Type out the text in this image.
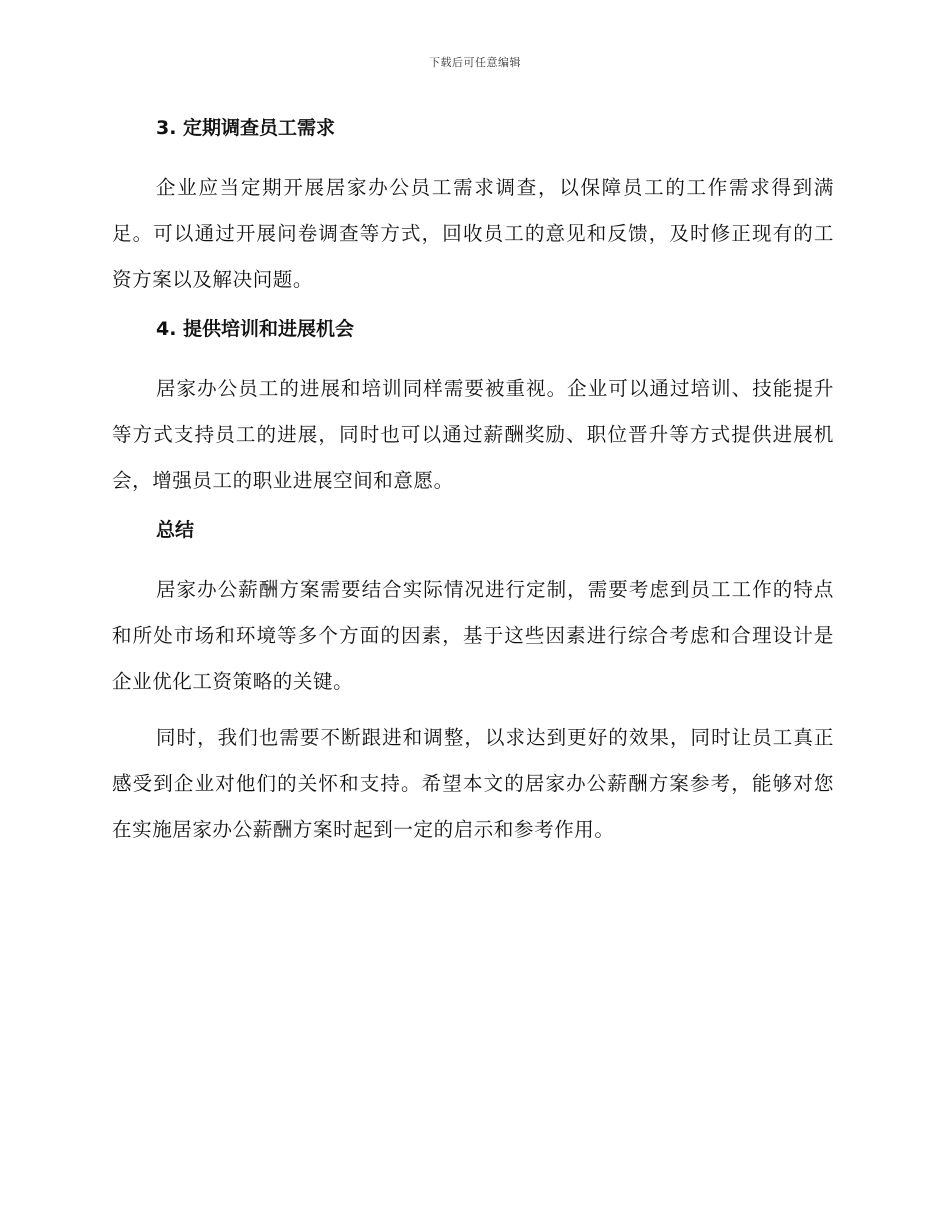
下载后可任意编辑
3. 定期调查员工需求

企业应当定期开展居家办公员工需求调查，以保障员工的工作需求得到满足。可以通过开展问卷调查等方式，回收员工的意见和反馈，及时修正现有的工资方案以及解决问题。

4. 提供培训和进展机会

居家办公员工的进展和培训同样需要被重视。企业可以通过培训、技能提升等方式支持员工的进展，同时也可以通过薪酬奖励、职位晋升等方式提供进展机会，增强员工的职业进展空间和意愿。

总结

居家办公薪酬方案需要结合实际情况进行定制，需要考虑到员工工作的特点和所处市场和环境等多个方面的因素，基于这些因素进行综合考虑和合理设计是企业优化工资策略的关键。

同时，我们也需要不断跟进和调整，以求达到更好的效果，同时让员工真正感受到企业对他们的关怀和支持。希望本文的居家办公薪酬方案参考，能够对您在实施居家办公薪酬方案时起到一定的启示和参考作用。
